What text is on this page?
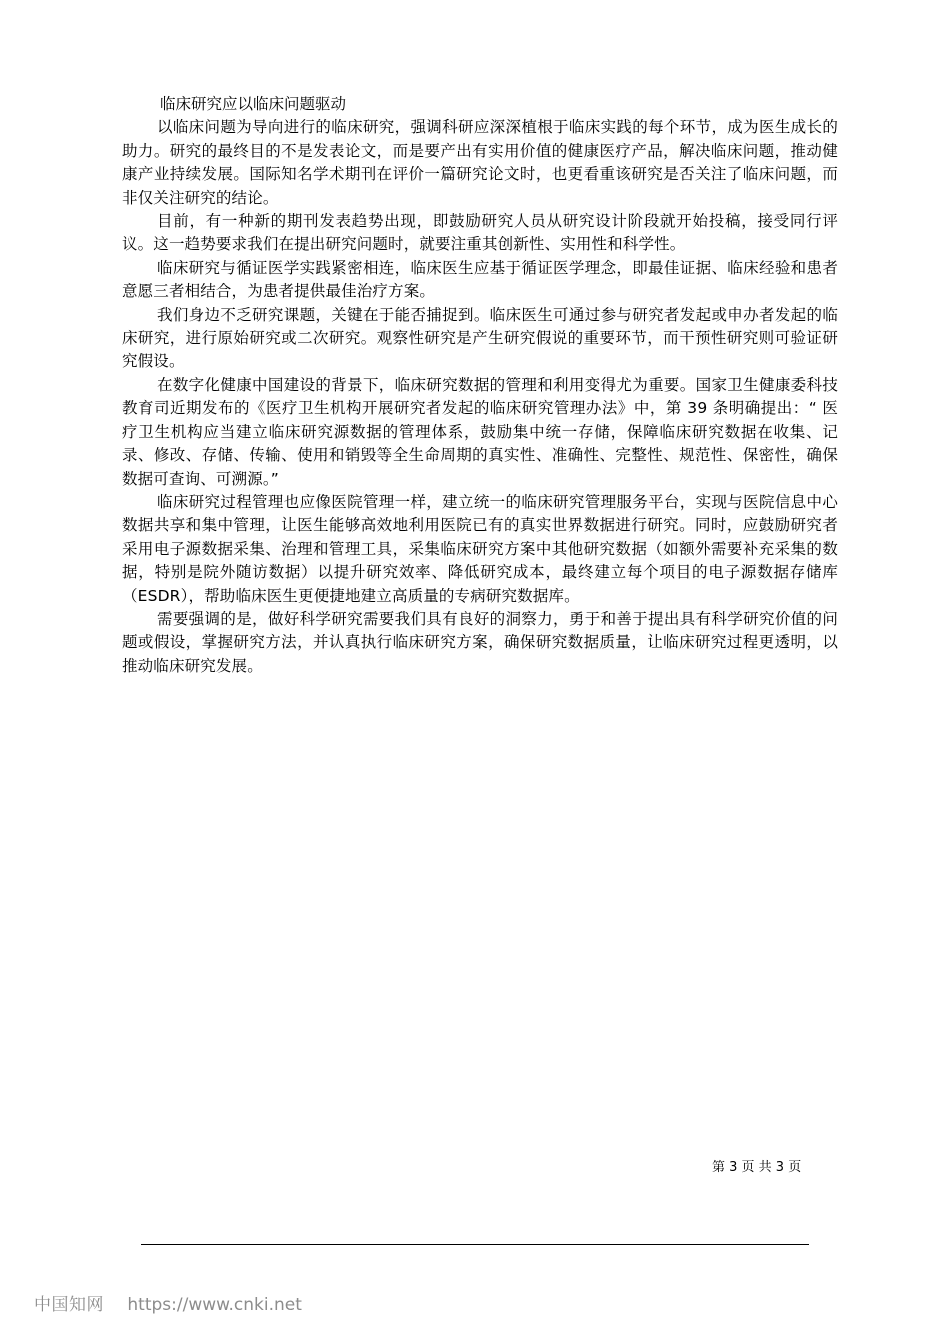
临床研究应以临床问题驱动

以临床问题为导向进行的临床研究，强调科研应深深植根于临床实践的每个环节，成为医生成长的助力。研究的最终目的不是发表论文，而是要产出有实用价值的健康医疗产品，解决临床问题，推动健康产业持续发展。国际知名学术期刊在评价一篇研究论文时，也更看重该研究是否关注了临床问题，而非仅关注研究的结论。

目前，有一种新的期刊发表趋势出现，即鼓励研究人员从研究设计阶段就开始投稿，接受同行评议。这一趋势要求我们在提出研究问题时，就要注重其创新性、实用性和科学性。

临床研究与循证医学实践紧密相连，临床医生应基于循证医学理念，即最佳证据、临床经验和患者意愿三者相结合，为患者提供最佳治疗方案。

我们身边不乏研究课题，关键在于能否捕捉到。临床医生可通过参与研究者发起或申办者发起的临床研究，进行原始研究或二次研究。观察性研究是产生研究假说的重要环节，而干预性研究则可验证研究假设。

在数字化健康中国建设的背景下，临床研究数据的管理和利用变得尤为重要。国家卫生健康委科技教育司近期发布的《医疗卫生机构开展研究者发起的临床研究管理办法》中，第 39 条明确提出：“ 医疗卫生机构应当建立临床研究源数据的管理体系，鼓励集中统一存储，保障临床研究数据在收集、记录、修改、存储、传输、使用和销毁等全生命周期的真实性、准确性、完整性、规范性、保密性，确保数据可查询、可溯源。”

临床研究过程管理也应像医院管理一样，建立统一的临床研究管理服务平台，实现与医院信息中心数据共享和集中管理，让医生能够高效地利用医院已有的真实世界数据进行研究。同时，应鼓励研究者采用电子源数据采集、治理和管理工具，采集临床研究方案中其他研究数据（如额外需要补充采集的数据，特别是院外随访数据）以提升研究效率、降低研究成本，最终建立每个项目的电子源数据存储库（ESDR），帮助临床医生更便捷地建立高质量的专病研究数据库。

需要强调的是，做好科学研究需要我们具有良好的洞察力，勇于和善于提出具有科学研究价值的问题或假设，掌握研究方法，并认真执行临床研究方案，确保研究数据质量，让临床研究过程更透明，以推动临床研究发展。

第 3 页 共 3 页
中国知网 https://www.cnki.net
